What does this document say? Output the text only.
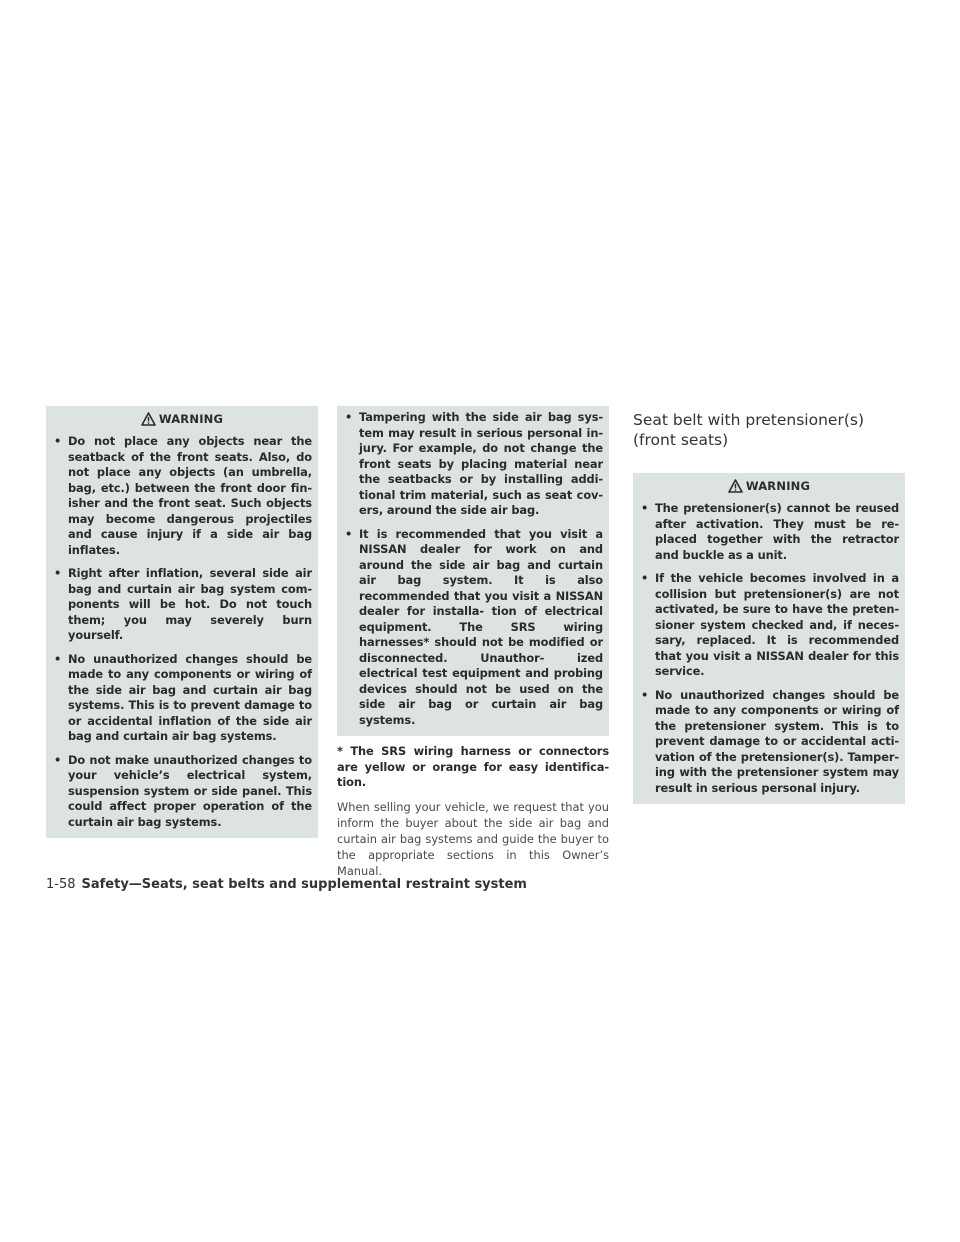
WARNING
• Do not place any objects near the seatback of the front seats. Also, do not place any objects (an umbrella, bag, etc.) between the front door fin- isher and the front seat. Such objects may become dangerous projectiles and cause injury if a side air bag inflates.
• Right after inflation, several side air bag and curtain air bag system com- ponents will be hot. Do not touch them; you may severely burn yourself.
• No unauthorized changes should be made to any components or wiring of the side air bag and curtain air bag systems. This is to prevent damage to or accidental inflation of the side air bag and curtain air bag systems.
• Do not make unauthorized changes to your vehicle’s electrical system, suspension system or side panel. This could affect proper operation of the curtain air bag systems.
• Tampering with the side air bag sys- tem may result in serious personal in- jury. For example, do not change the front seats by placing material near the seatbacks or by installing addi- tional trim material, such as seat cov- ers, around the side air bag.
• It is recommended that you visit a NISSAN dealer for work on and around the side air bag and curtain air bag system. It is also recommended that you visit a NISSAN dealer for installa- tion of electrical equipment. The SRS wiring harnesses* should not be modified or disconnected. Unauthor- ized electrical test equipment and probing devices should not be used on the side air bag or curtain air bag systems.

* The SRS wiring harness or connectors are yellow or orange for easy identifica- tion.

When selling your vehicle, we request that you inform the buyer about the side air bag and curtain air bag systems and guide the buyer to the appropriate sections in this Owner’s Manual.

Seat belt with pretensioner(s)
(front seats)
WARNING
• The pretensioner(s) cannot be reused after activation. They must be re- placed together with the retractor and buckle as a unit.
• If the vehicle becomes involved in a collision but pretensioner(s) are not activated, be sure to have the preten- sioner system checked and, if neces- sary, replaced. It is recommended that you visit a NISSAN dealer for this service.
• No unauthorized changes should be made to any components or wiring of the pretensioner system. This is to prevent damage to or accidental acti- vation of the pretensioner(s). Tamper- ing with the pretensioner system may result in serious personal injury.
1-58 Safety—Seats, seat belts and supplemental restraint system
